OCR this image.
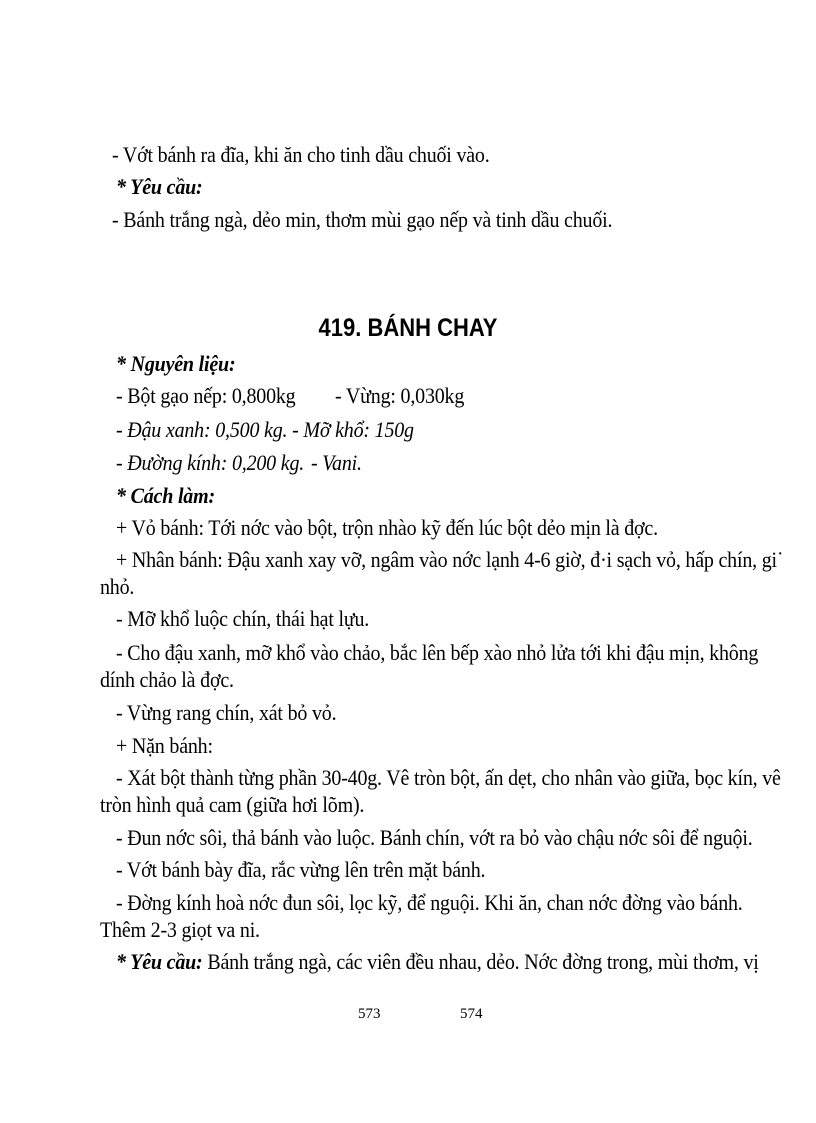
- Vớt bánh ra đĩa, khi ăn cho tinh dầu chuối vào.
* Yêu cầu:
- Bánh trắng ngà, dẻo min, thơm mùi gạo nếp và tinh dầu chuối.
419. BÁNH CHAY
* Nguyên liệu:
- Bột gạo nếp: 0,800kg - Vừng: 0,030kg
- Đậu xanh: 0,500 kg. - Mỡ khổ: 150g
- Đường kính: 0,200 kg. - Vani.
* Cách làm:
+ Vỏ bánh: Tới nớc vào bột, trộn nhào kỹ đến lúc bột dẻo mịn là đợc.
+ Nhân bánh: Đậu xanh xay vỡ, ngâm vào nớc lạnh 4-6 giờ, đ·i sạch vỏ, hấp chín, gi˙
nhỏ.
- Mỡ khổ luộc chín, thái hạt lựu.
- Cho đậu xanh, mỡ khổ vào chảo, bắc lên bếp xào nhỏ lửa tới khi đậu mịn, không
dính chảo là đợc.
- Vừng rang chín, xát bỏ vỏ.
+ Nặn bánh:
- Xát bột thành từng phần 30-40g. Vê tròn bột, ấn dẹt, cho nhân vào giữa, bọc kín, vê
tròn hình quả cam (giữa hơi lõm).
- Đun nớc sôi, thả bánh vào luộc. Bánh chín, vớt ra bỏ vào chậu nớc sôi để nguội.
- Vớt bánh bày đĩa, rắc vừng lên trên mặt bánh.
- Đờng kính hoà nớc đun sôi, lọc kỹ, để nguội. Khi ăn, chan nớc đờng vào bánh.
Thêm 2-3 giọt va ni.
* Yêu cầu: Bánh trắng ngà, các viên đều nhau, dẻo. Nớc đờng trong, mùi thơm, vị
573	574
